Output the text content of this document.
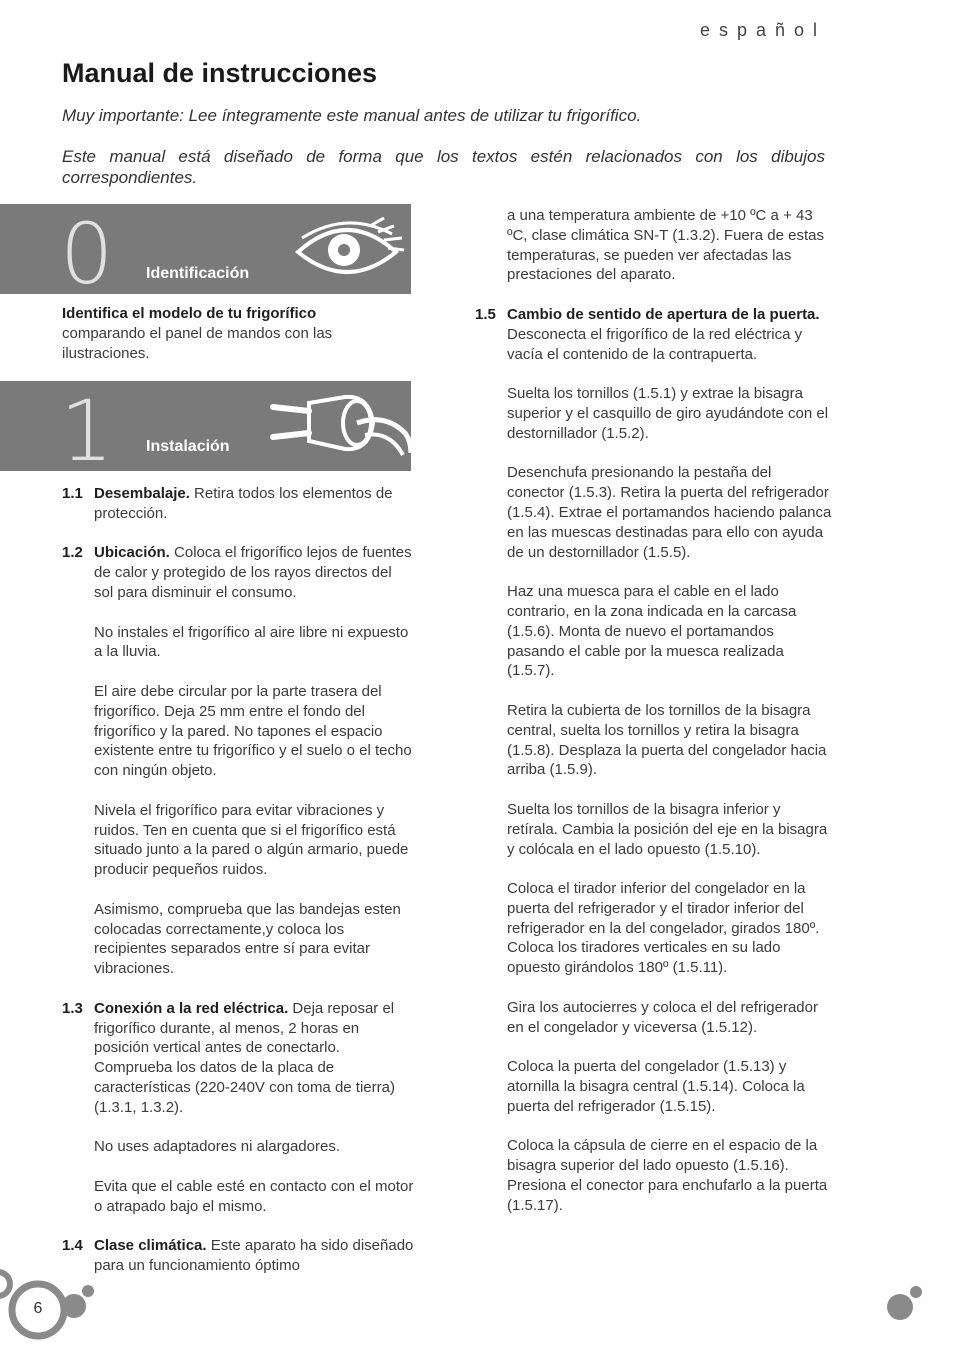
español
Manual de instrucciones

Muy importante: Lee íntegramente este manual antes de utilizar tu frigorífico.

Este manual está diseñado de forma que los textos estén relacionados con los dibujos correspondientes.

0 Identificación

Identifica el modelo de tu frigorífico
comparando el panel de mandos con las ilustraciones.

1 Instalación
1.1 Desembalaje. Retira todos los elementos de protección.
1.2 Ubicación. Coloca el frigorífico lejos de fuentes de calor y protegido de los rayos directos del sol para disminuir el consumo.
No instales el frigorífico al aire libre ni expuesto a la lluvia.
El aire debe circular por la parte trasera del frigorífico. Deja 25 mm entre el fondo del frigorífico y la pared. No tapones el espacio existente entre tu frigorífico y el suelo o el techo con ningún objeto.
Nivela el frigorífico para evitar vibraciones y ruidos. Ten en cuenta que si el frigorífico está situado junto a la pared o algún armario, puede producir pequeños ruidos.
Asimismo, comprueba que las bandejas esten colocadas correctamente,y coloca los recipientes separados entre sí para evitar vibraciones.
1.3 Conexión a la red eléctrica. Deja reposar el frigorífico durante, al menos, 2 horas en posición vertical antes de conectarlo. Comprueba los datos de la placa de características (220-240V con toma de tierra) (1.3.1, 1.3.2).
No uses adaptadores ni alargadores.
Evita que el cable esté en contacto con el motor o atrapado bajo el mismo.
1.4 Clase climática. Este aparato ha sido diseñado para un funcionamiento óptimo
a una temperatura ambiente de +10 ºC a + 43 ºC, clase climática SN-T (1.3.2). Fuera de estas temperaturas, se pueden ver afectadas las prestaciones del aparato.
1.5 Cambio de sentido de apertura de la puerta. Desconecta el frigorífico de la red eléctrica y vacía el contenido de la contrapuerta.
Suelta los tornillos (1.5.1) y extrae la bisagra superior y el casquillo de giro ayudándote con el destornillador (1.5.2).
Desenchufa presionando la pestaña del conector (1.5.3). Retira la puerta del refrigerador (1.5.4). Extrae el portamandos haciendo palanca en las muescas destinadas para ello con ayuda de un destornillador (1.5.5).
Haz una muesca para el cable en el lado contrario, en la zona indicada en la carcasa (1.5.6). Monta de nuevo el portamandos pasando el cable por la muesca realizada (1.5.7).
Retira la cubierta de los tornillos de la bisagra central, suelta los tornillos y retira la bisagra (1.5.8). Desplaza la puerta del congelador hacia arriba (1.5.9).
Suelta los tornillos de la bisagra inferior y retírala. Cambia la posición del eje en la bisagra y colócala en el lado opuesto (1.5.10).
Coloca el tirador inferior del congelador en la puerta del refrigerador y el tirador inferior del refrigerador en la del congelador, girados 180º. Coloca los tiradores verticales en su lado opuesto girándolos 180º (1.5.11).
Gira los autocierres y coloca el del refrigerador en el congelador y viceversa (1.5.12).
Coloca la puerta del congelador (1.5.13) y atornilla la bisagra central (1.5.14). Coloca la puerta del refrigerador (1.5.15).
Coloca la cápsula de cierre en el espacio de la bisagra superior del lado opuesto (1.5.16). Presiona el conector para enchufarlo a la puerta (1.5.17).
6
